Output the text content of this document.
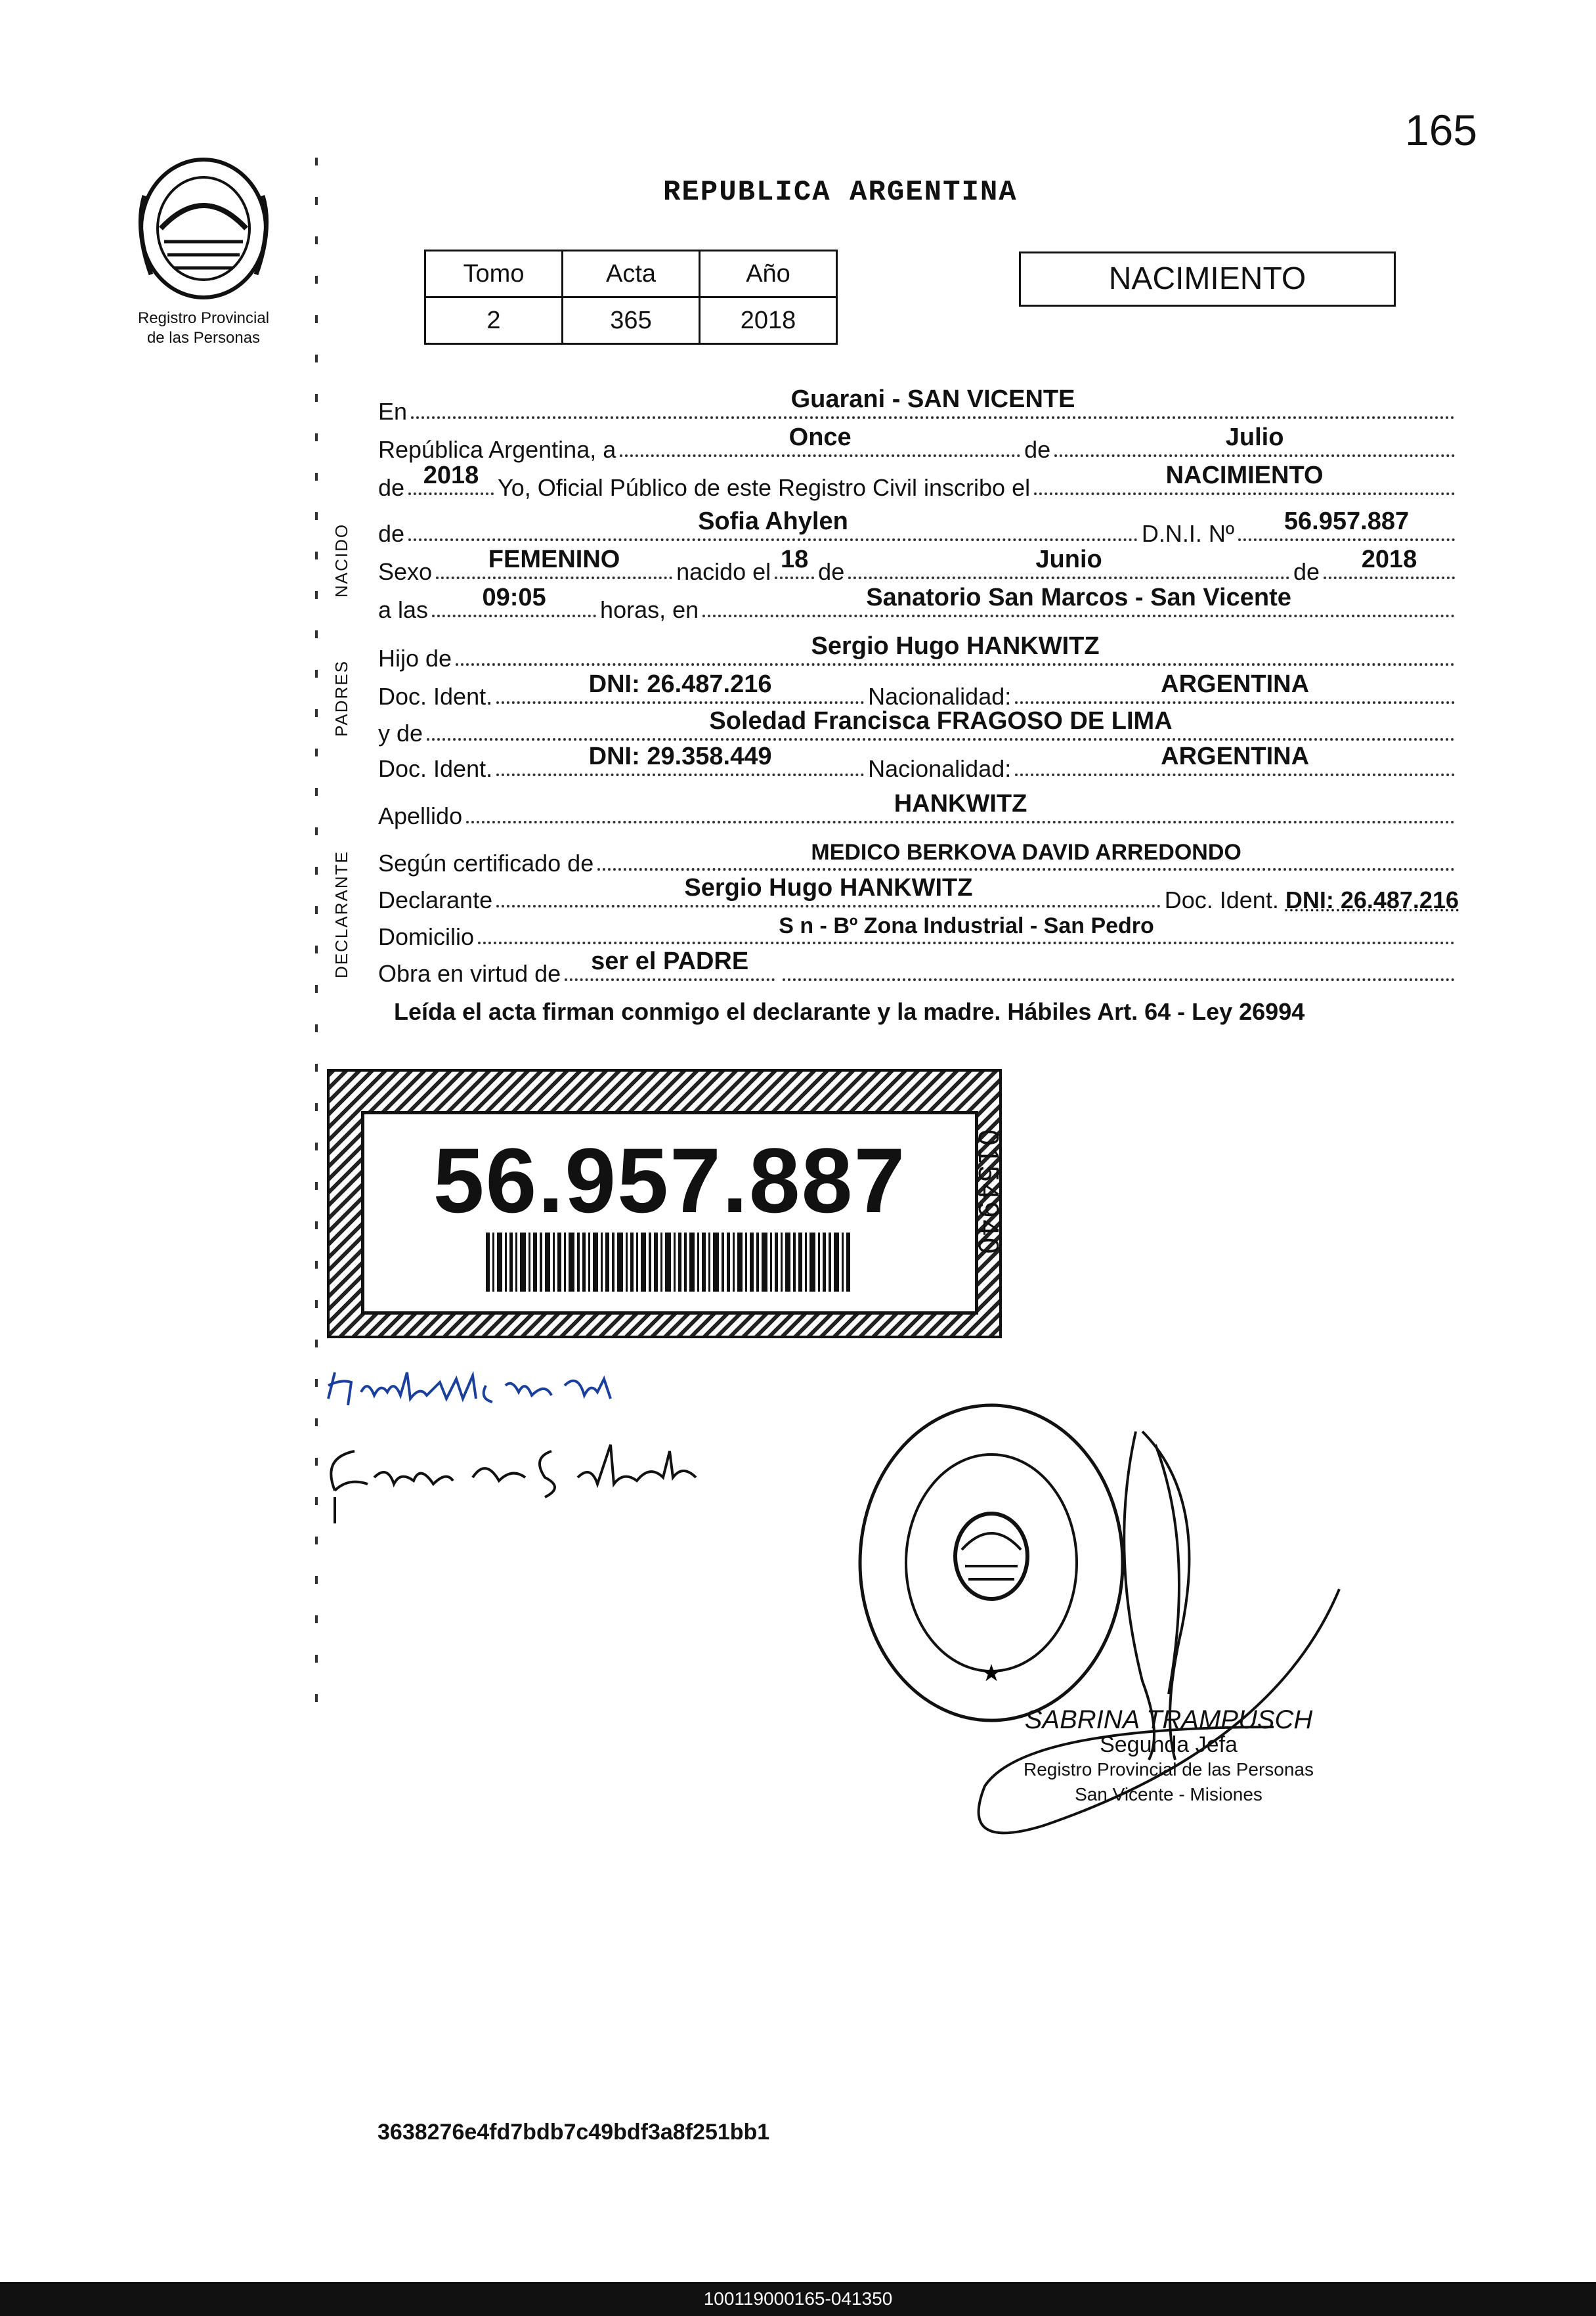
165
REPUBLICA ARGENTINA
Registro Provincial
de las Personas
Tomo	Acta	Año
2	365	2018
NACIMIENTO
NACIDO
PADRES
DECLARANTE
En	Guarani - SAN VICENTE
República Argentina, a	Once	de	Julio
de 2018 Yo, Oficial Público de este Registro Civil inscribo el	NACIMIENTO
de	Sofia Ahylen	D.N.I. Nº	56.957.887
Sexo	FEMENINO	nacido el 18 de	Junio	de	2018
a las	09:05	horas, en	Sanatorio San Marcos - San Vicente
Hijo de	Sergio Hugo HANKWITZ
Doc. Ident.	DNI: 26.487.216	Nacionalidad:	ARGENTINA
y de	Soledad Francisca FRAGOSO DE LIMA
Doc. Ident.	DNI: 29.358.449	Nacionalidad:	ARGENTINA
Apellido	HANKWITZ
Según certificado de	MEDICO BERKOVA DAVID ARREDONDO
Declarante	Sergio Hugo HANKWITZ	Doc. Ident. DNI: 26.487.216
Domicilio	S n - Bº Zona Industrial - San Pedro
Obra en virtud de	ser el PADRE
Leída el acta firman conmigo el declarante y la madre. Hábiles Art. 64 - Ley 26994
56.957.887	0154940
★
SABRINA TRAMPUSCH
Segunda Jefa
Registro Provincial de las Personas
San Vicente - Misiones
3638276e4fd7bdb7c49bdf3a8f251bb1
100119000165-041350
